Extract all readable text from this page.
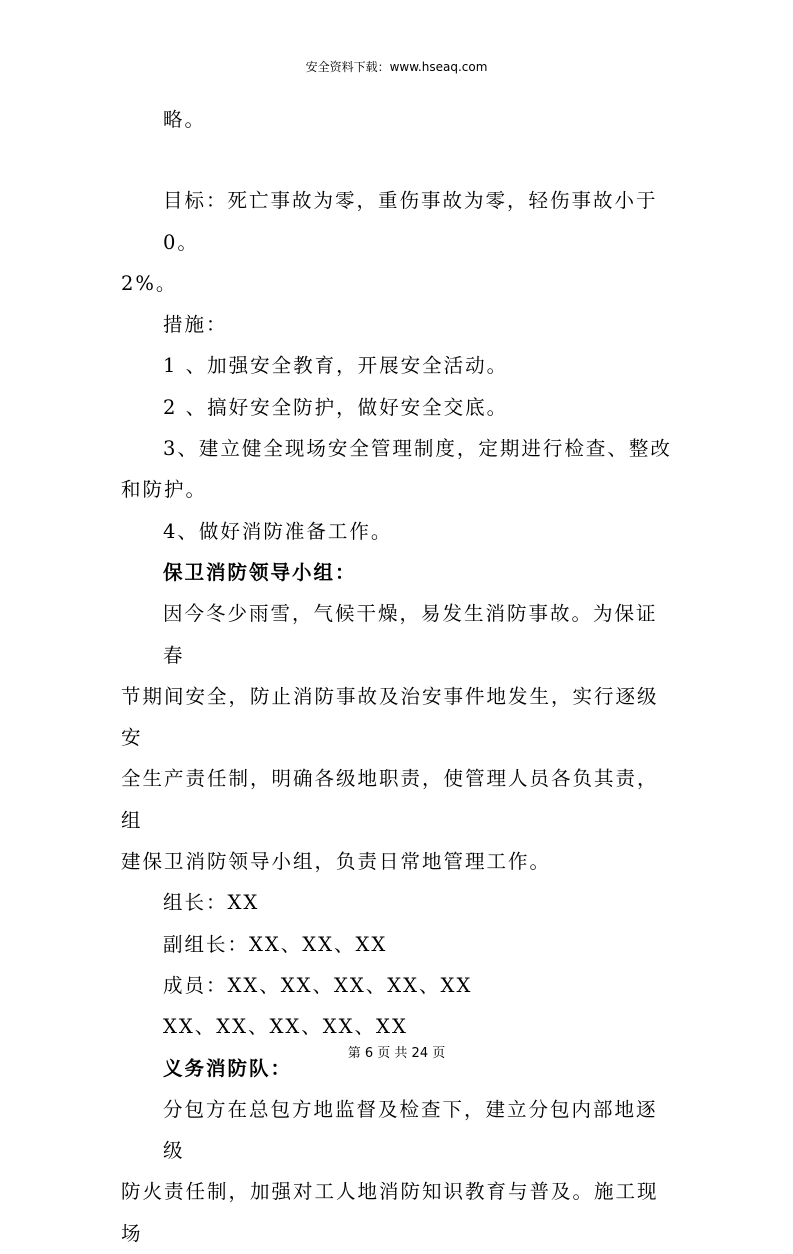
安全资料下载：www.hseaq.com

略。

目标：死亡事故为零，重伤事故为零，轻伤事故小于 0。

2%。

措施：

1 、加强安全教育，开展安全活动。

2 、搞好安全防护，做好安全交底。

3、建立健全现场安全管理制度，定期进行检查、整改

和防护。

4、做好消防准备工作。

保卫消防领导小组：

因今冬少雨雪，气候干燥，易发生消防事故。为保证春

节期间安全，防止消防事故及治安事件地发生，实行逐级安

全生产责任制，明确各级地职责，使管理人员各负其责，组

建保卫消防领导小组，负责日常地管理工作。

组长：XX

副组长：XX、XX、XX

成员：XX、XX、XX、XX、XX

XX、XX、XX、XX、XX

义务消防队：

分包方在总包方地监督及检查下，建立分包内部地逐级

防火责任制，加强对工人地消防知识教育与普及。施工现场

第 6 页 共 24 页
